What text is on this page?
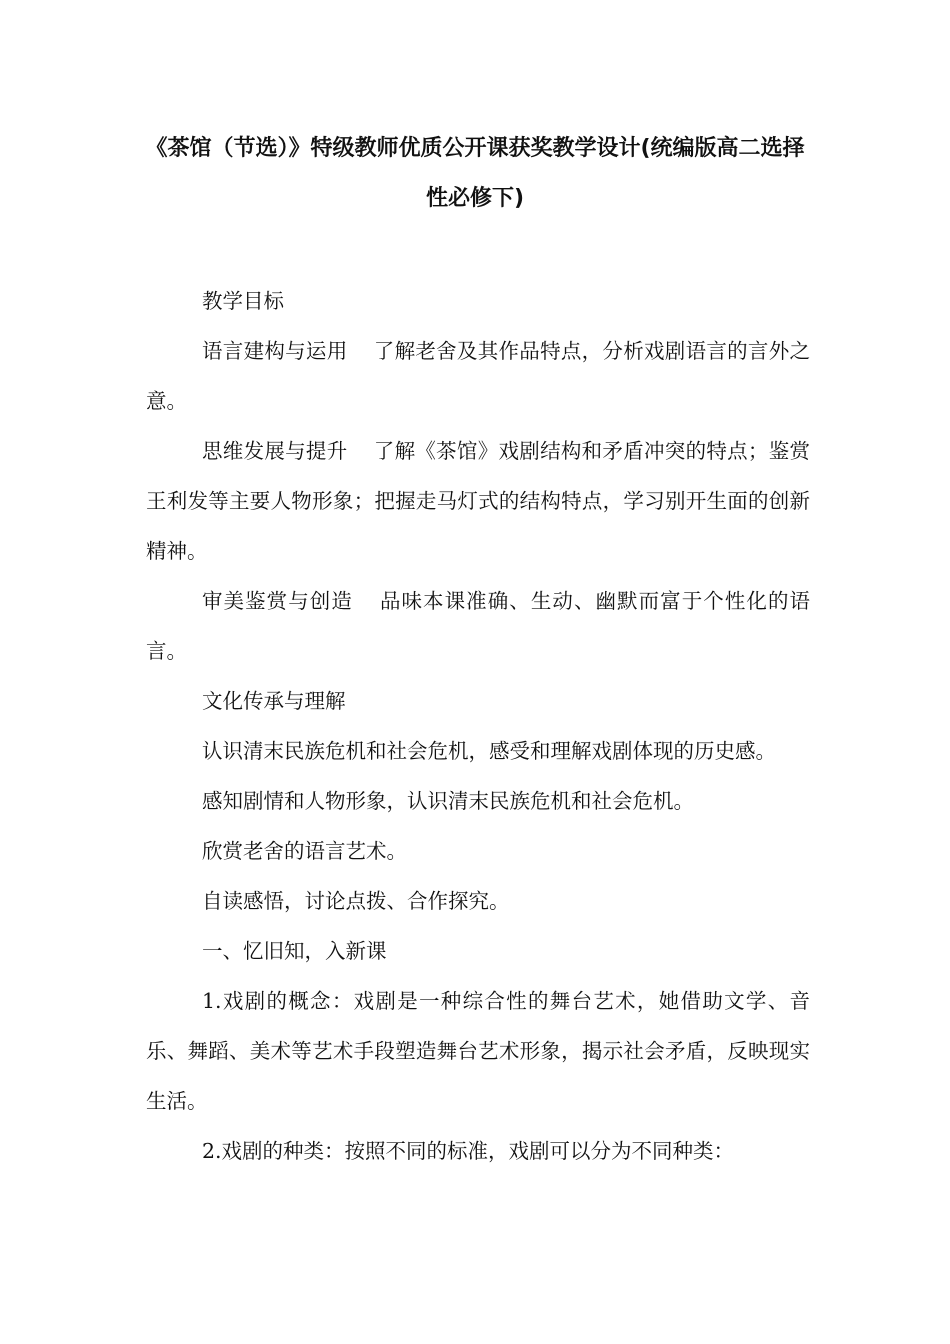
《茶馆（节选）》特级教师优质公开课获奖教学设计(统编版高二选择性必修下)

教学目标

语言建构与运用 了解老舍及其作品特点，分析戏剧语言的言外之意。

思维发展与提升 了解《茶馆》戏剧结构和矛盾冲突的特点；鉴赏王利发等主要人物形象；把握走马灯式的结构特点，学习别开生面的创新精神。

审美鉴赏与创造 品味本课准确、生动、幽默而富于个性化的语言。

文化传承与理解

认识清末民族危机和社会危机，感受和理解戏剧体现的历史感。

感知剧情和人物形象，认识清末民族危机和社会危机。

欣赏老舍的语言艺术。

自读感悟，讨论点拨、合作探究。

一、忆旧知，入新课

1.戏剧的概念：戏剧是一种综合性的舞台艺术，她借助文学、音乐、舞蹈、美术等艺术手段塑造舞台艺术形象，揭示社会矛盾，反映现实生活。

2.戏剧的种类：按照不同的标准，戏剧可以分为不同种类：
